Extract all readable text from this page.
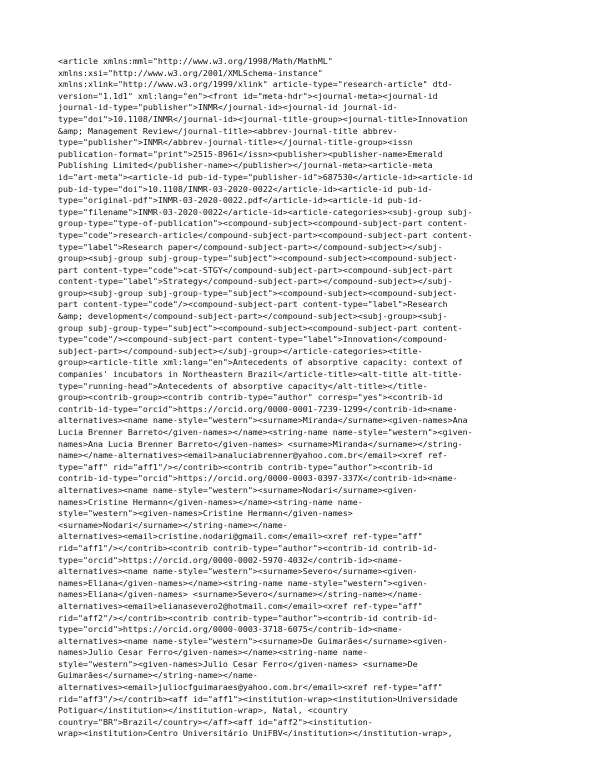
<article xmlns:mml="http://www.w3.org/1998/Math/MathML"
xmlns:xsi="http://www.w3.org/2001/XMLSchema-instance"
xmlns:xlink="http://www.w3.org/1999/xlink" article-type="research-article" dtd-
version="1.1d1" xml:lang="en"><front id="meta-hdr"><journal-meta><journal-id
journal-id-type="publisher">INMR</journal-id><journal-id journal-id-
type="doi">10.1108/INMR</journal-id><journal-title-group><journal-title>Innovation
&amp; Management Review</journal-title><abbrev-journal-title abbrev-
type="publisher">INMR</abbrev-journal-title></journal-title-group><issn
publication-format="print">2515-8961</issn><publisher><publisher-name>Emerald
Publishing Limited</publisher-name></publisher></journal-meta><article-meta
id="art-meta"><article-id pub-id-type="publisher-id">687530</article-id><article-id
pub-id-type="doi">10.1108/INMR-03-2020-0022</article-id><article-id pub-id-
type="original-pdf">INMR-03-2020-0022.pdf</article-id><article-id pub-id-
type="filename">INMR-03-2020-0022</article-id><article-categories><subj-group subj-
group-type="type-of-publication"><compound-subject><compound-subject-part content-
type="code">research-article</compound-subject-part><compound-subject-part content-
type="label">Research paper</compound-subject-part></compound-subject></subj-
group><subj-group subj-group-type="subject"><compound-subject><compound-subject-
part content-type="code">cat-STGY</compound-subject-part><compound-subject-part
content-type="label">Strategy</compound-subject-part></compound-subject></subj-
group><subj-group subj-group-type="subject"><compound-subject><compound-subject-
part content-type="code"/><compound-subject-part content-type="label">Research
&amp; development</compound-subject-part></compound-subject><subj-group><subj-
group subj-group-type="subject"><compound-subject><compound-subject-part content-
type="code"/><compound-subject-part content-type="label">Innovation</compound-
subject-part></compound-subject></subj-group></article-categories><title-
group><article-title xml:lang="en">Antecedents of absorptive capacity: context of
companies' incubators in Northeastern Brazil</article-title><alt-title alt-title-
type="running-head">Antecedents of absorptive capacity</alt-title></title-
group><contrib-group><contrib contrib-type="author" corresp="yes"><contrib-id
contrib-id-type="orcid">https://orcid.org/0000-0001-7239-1299</contrib-id><name-
alternatives><name name-style="western"><surname>Miranda</surname><given-names>Ana
Lucia Brenner Barreto</given-names></name><string-name name-style="western"><given-
names>Ana Lucia Brenner Barreto</given-names> <surname>Miranda</surname></string-
name></name-alternatives><email>analuciabrenner@yahoo.com.br</email><xref ref-
type="aff" rid="aff1"/></contrib><contrib contrib-type="author"><contrib-id
contrib-id-type="orcid">https://orcid.org/0000-0003-0397-337X</contrib-id><name-
alternatives><name name-style="western"><surname>Nodari</surname><given-
names>Cristine Hermann</given-names></name><string-name name-
style="western"><given-names>Cristine Hermann</given-names>
<surname>Nodari</surname></string-name></name-
alternatives><email>cristine.nodari@gmail.com</email><xref ref-type="aff"
rid="aff1"/></contrib><contrib contrib-type="author"><contrib-id contrib-id-
type="orcid">https://orcid.org/0000-0002-5970-4032</contrib-id><name-
alternatives><name name-style="western"><surname>Severo</surname><given-
names>Eliana</given-names></name><string-name name-style="western"><given-
names>Eliana</given-names> <surname>Severo</surname></string-name></name-
alternatives><email>elianasevero2@hotmail.com</email><xref ref-type="aff"
rid="aff2"/></contrib><contrib contrib-type="author"><contrib-id contrib-id-
type="orcid">https://orcid.org/0000-0003-3718-6075</contrib-id><name-
alternatives><name name-style="western"><surname>De Guimarães</surname><given-
names>Julio Cesar Ferro</given-names></name><string-name name-
style="western"><given-names>Julio Cesar Ferro</given-names> <surname>De
Guimarães</surname></string-name></name-
alternatives><email>juliocfguimaraes@yahoo.com.br</email><xref ref-type="aff"
rid="aff3"/></contrib><aff id="aff1"><institution-wrap><institution>Universidade
Potiguar</institution></institution-wrap>, Natal, <country
country="BR">Brazil</country></aff><aff id="aff2"><institution-
wrap><institution>Centro Universitário UniFBV</institution></institution-wrap>,
